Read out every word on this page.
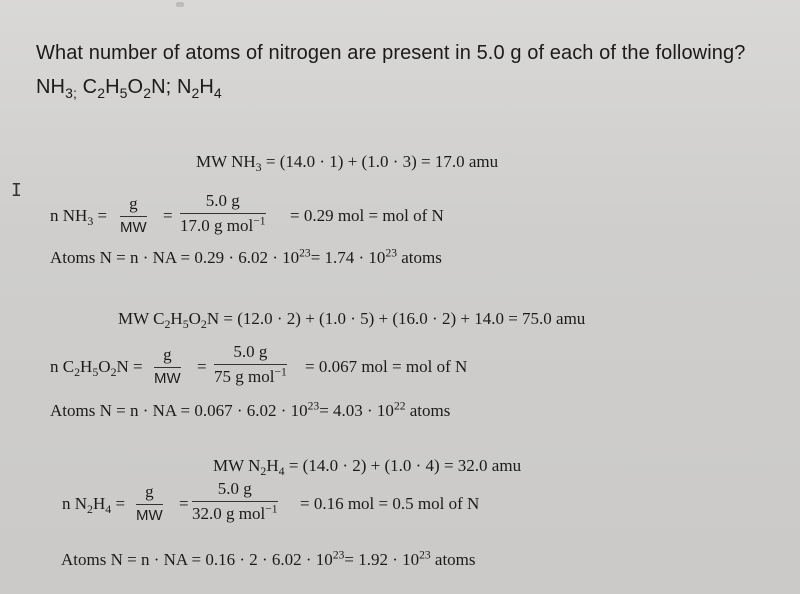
What number of atoms of nitrogen are present in 5.0 g of each of the following? $NH_{3;}$ $C_2H_5O_2N$; $N_2H_4$
I
MW $NH_3 = (14.0 \cdot 1) + (1.0 \cdot 3) = 17.0$ amu
n $NH_3 = \frac{g}{MW}$ =
5.0 g
17.0 g mol$^{-1}$ = 0.29 mol = mol of N
Atoms N = n · NA = $0.29 \cdot 6.02 \cdot 10^{23}= 1.74 \cdot 10^{23}$ atoms
MW $C_2H_5O_2N = (12.0 \cdot 2) + (1.0 \cdot 5) + (16.0 \cdot 2) + 14.0 = 75.0$ amu
n $C_2H_5O_2N = \frac{g}{MW}$ =
5.0 g
75 g mol$^{-1}$ = 0.067 mol = mol of N
Atoms N = n · NA = $0.067 \cdot 6.02 \cdot 10^{23}= 4.03 \cdot 10^{22}$ atoms
MW $N_2H_4 = (14.0 \cdot 2) + (1.0 \cdot 4) = 32.0$ amu
n $N_2H_4 = \frac{g}{MW}$ =
5.0 g
32.0 g mol$^{-1}$ = 0.16 mol = 0.5 mol of N
Atoms N = n · NA = $0.16 \cdot 2 \cdot 6.02 \cdot 10^{23}= 1.92 \cdot 10^{23}$ atoms
